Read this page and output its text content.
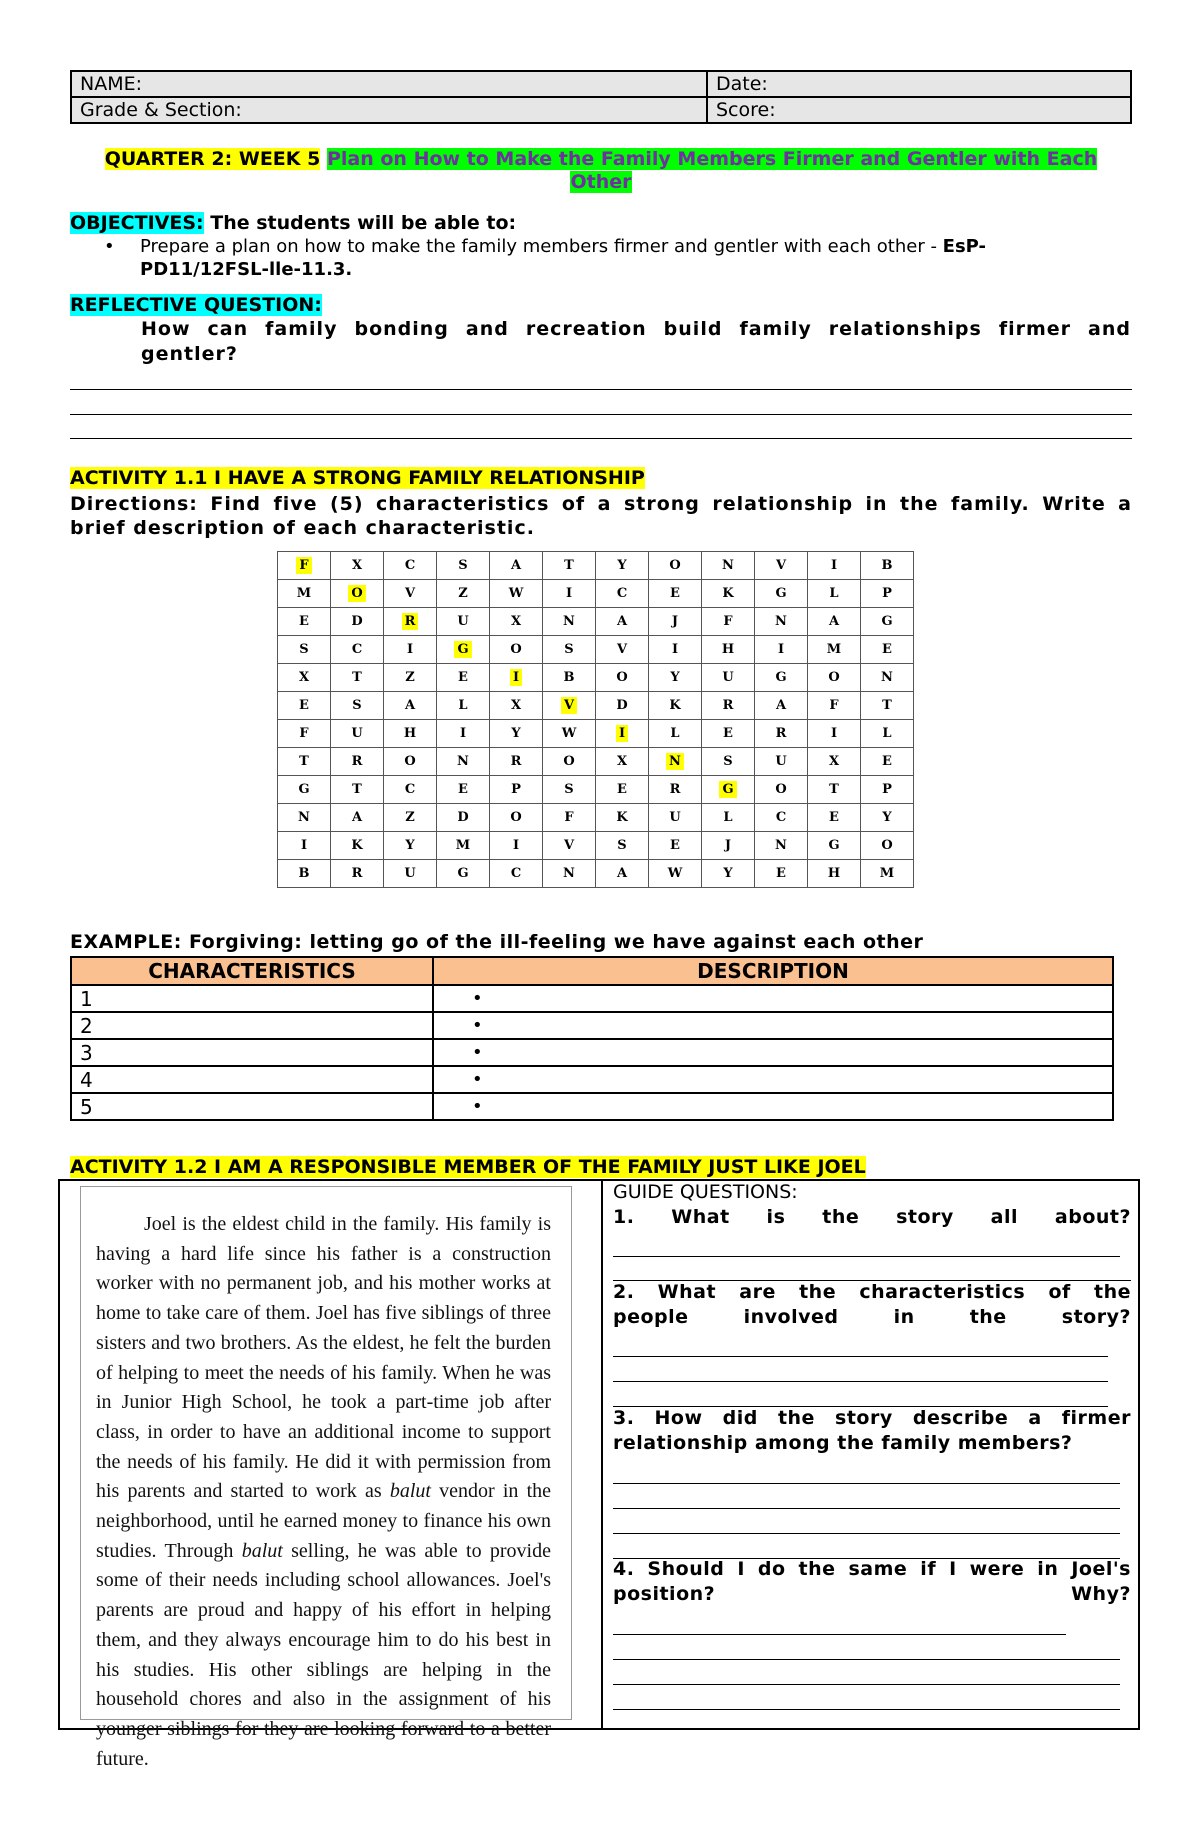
NAME:	Date:
Grade & Section:	Score:
QUARTER 2: WEEK 5 Plan on How to Make the Family Members Firmer and Gentler with Each
Other
OBJECTIVES: The students will be able to:
• Prepare a plan on how to make the family members firmer and gentler with each other - EsP-PD11/12FSL-lle-11.3.
REFLECTIVE QUESTION:
How can family bonding and recreation build family relationships firmer and gentler?
ACTIVITY 1.1 I HAVE A STRONG FAMILY RELATIONSHIP
Directions: Find five (5) characteristics of a strong relationship in the family. Write a brief description of each characteristic.
F	X	C	S	A	T	Y	O	N	V	I	B
M	O	V	Z	W	I	C	E	K	G	L	P
E	D	R	U	X	N	A	J	F	N	A	G
S	C	I	G	O	S	V	I	H	I	M	E
X	T	Z	E	I	B	O	Y	U	G	O	N
E	S	A	L	X	V	D	K	R	A	F	T
F	U	H	I	Y	W	I	L	E	R	I	L
T	R	O	N	R	O	X	N	S	U	X	E
G	T	C	E	P	S	E	R	G	O	T	P
N	A	Z	D	O	F	K	U	L	C	E	Y
I	K	Y	M	I	V	S	E	J	N	G	O
B	R	U	G	C	N	A	W	Y	E	H	M
EXAMPLE: Forgiving: letting go of the ill-feeling we have against each other
CHARACTERISTICS	DESCRIPTION
1	•
2	•
3	•
4	•
5	•
ACTIVITY 1.2 I AM A RESPONSIBLE MEMBER OF THE FAMILY JUST LIKE JOEL
Joel is the eldest child in the family. His family is having a hard life since his father is a construction worker with no permanent job, and his mother works at home to take care of them. Joel has five siblings of three sisters and two brothers. As the eldest, he felt the burden of helping to meet the needs of his family. When he was in Junior High School, he took a part-time job after class, in order to have an additional income to support the needs of his family. He did it with permission from his parents and started to work as balut vendor in the neighborhood, until he earned money to finance his own studies. Through balut selling, he was able to provide some of their needs including school allowances. Joel's parents are proud and happy of his effort in helping them, and they always encourage him to do his best in his studies. His other siblings are helping in the household chores and also in the assignment of his younger siblings for they are looking forward to a better future.
GUIDE QUESTIONS:
1. What is the story all about?
2. What are the characteristics of the
people involved in the story?
3. How did the story describe a firmer
relationship among the family members?
4. Should I do the same if I were in Joel's
position? Why?
